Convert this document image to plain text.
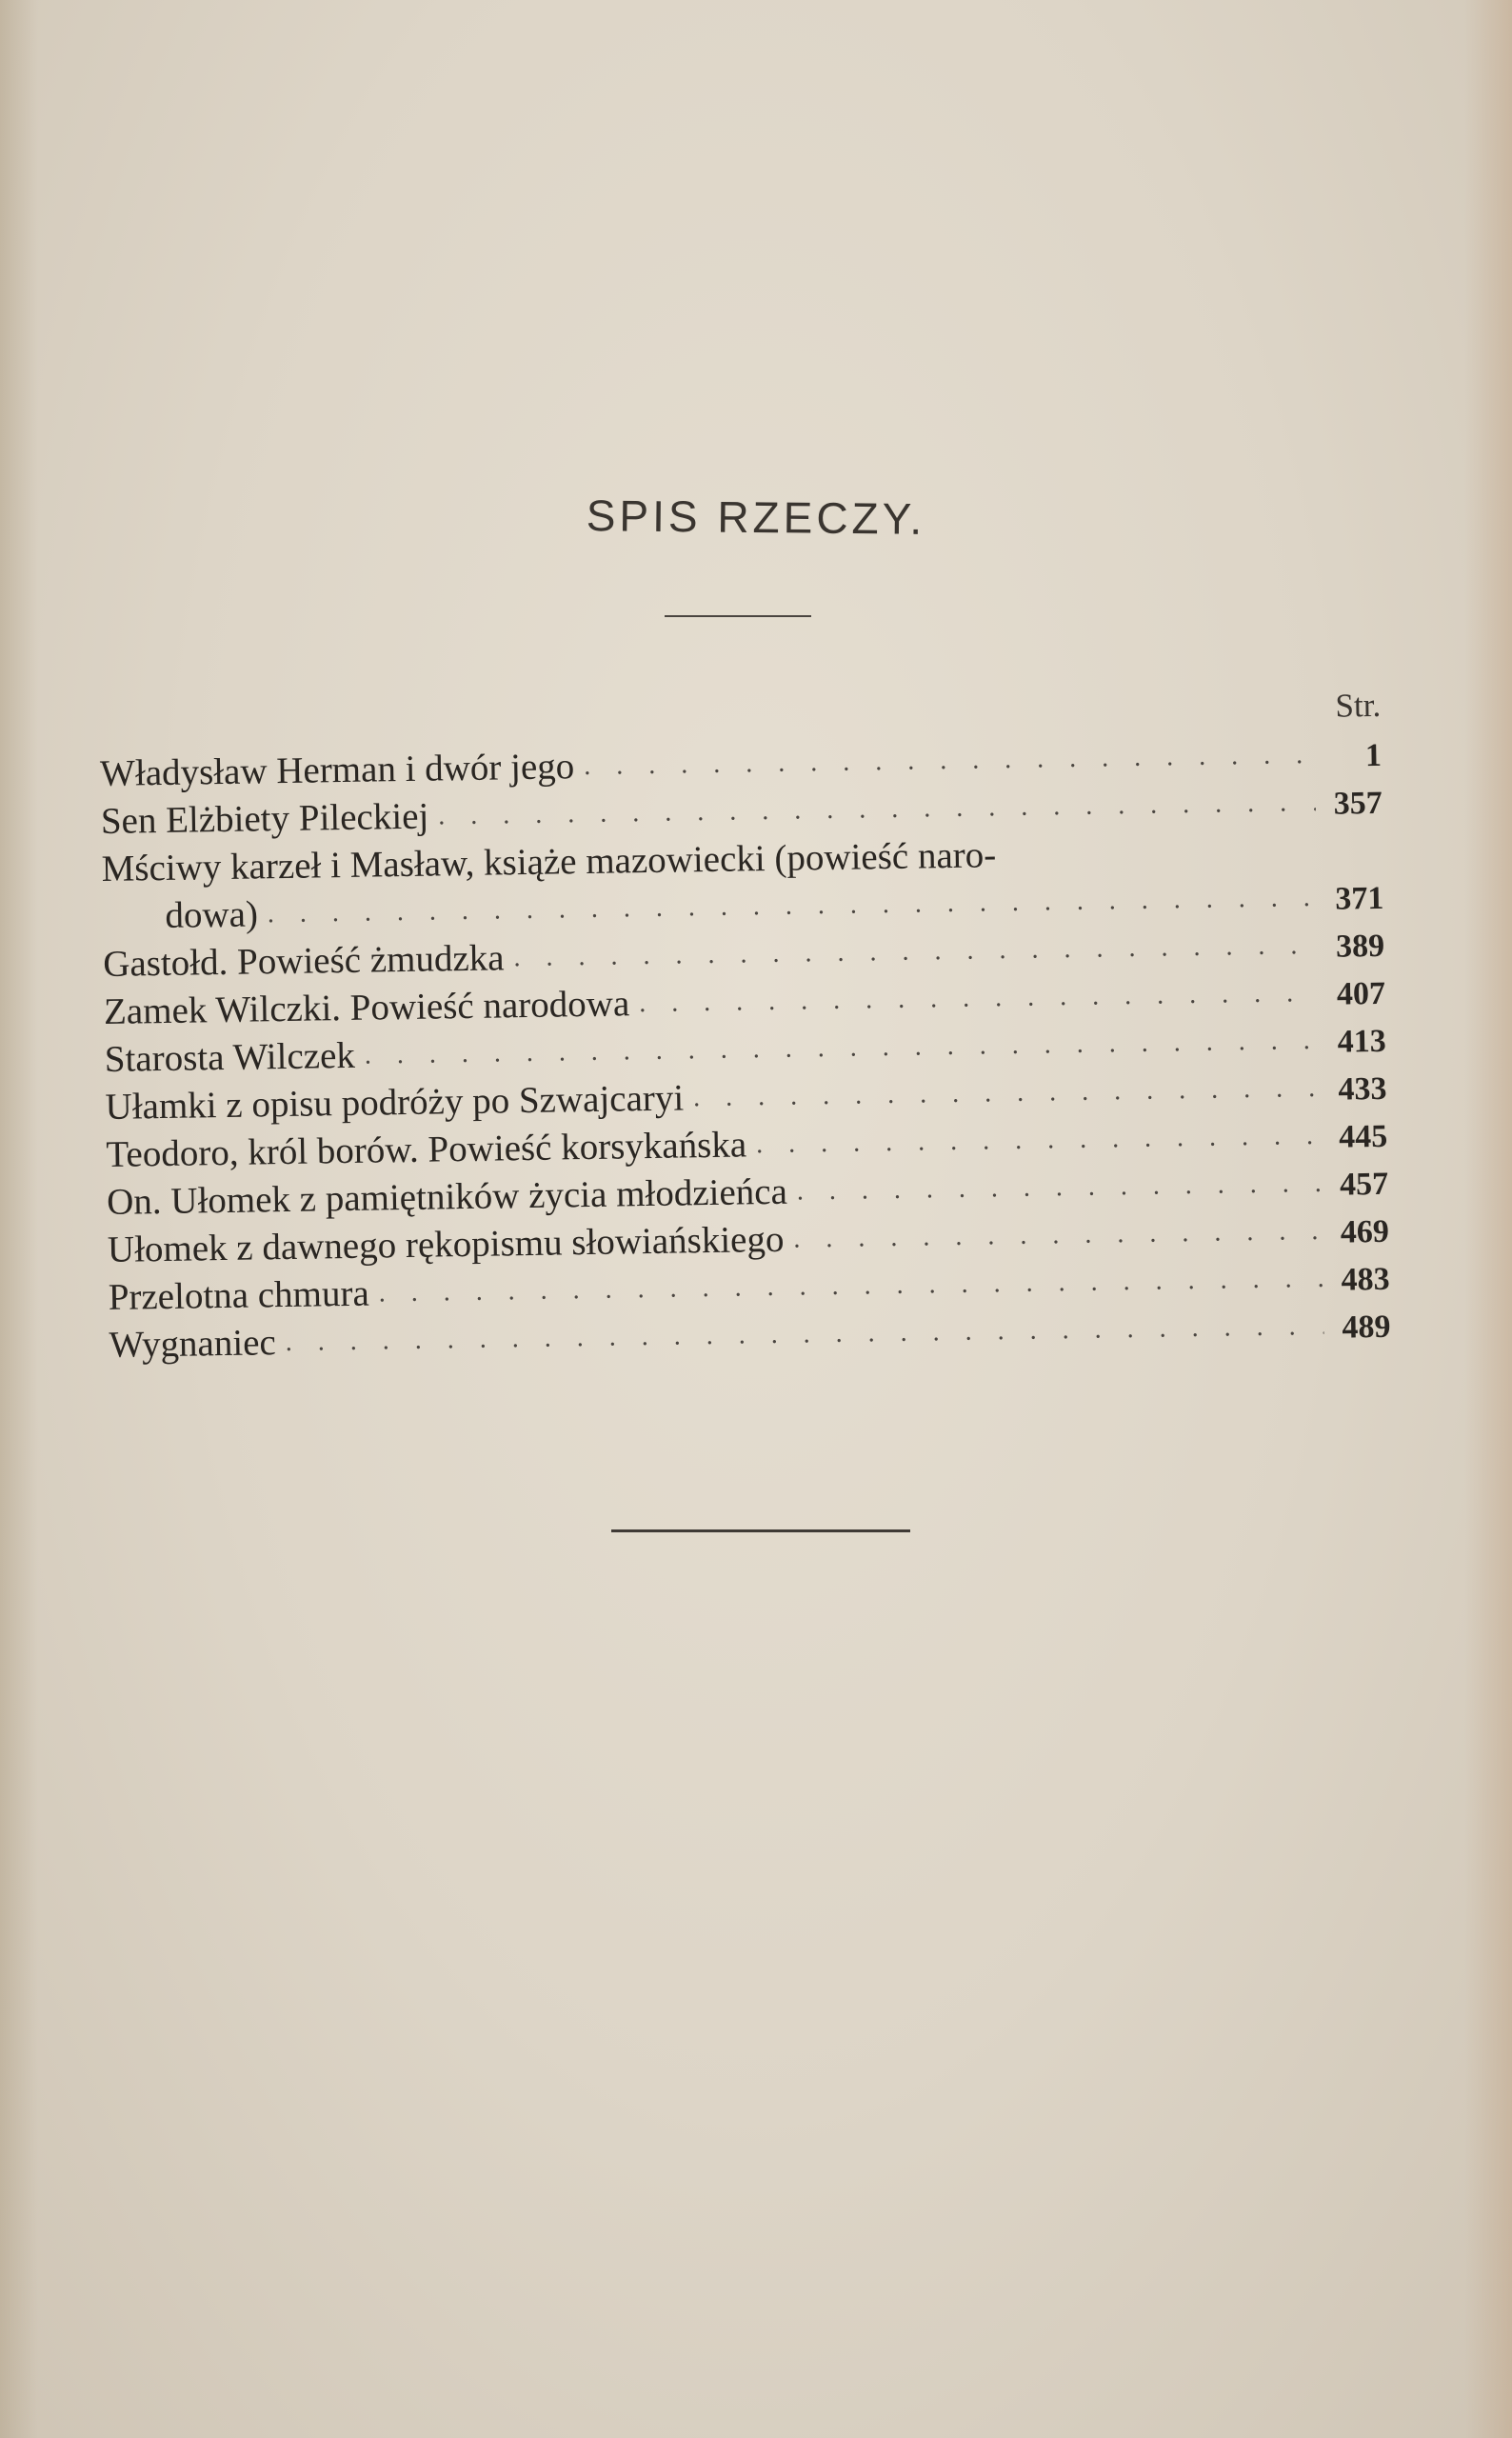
SPIS RZECZY.
Str.
Władysław Herman i dwór jego . . .	1
Sen Elżbiety Pileckiej . . .	357
Mściwy karzeł i Masław, książe mazowiecki (powieść naro-
dowa) . . .	371
Gastołd. Powieść żmudzka . . .	389
Zamek Wilczki. Powieść narodowa . . .	407
Starosta Wilczek . . .	413
Ułamki z opisu podróży po Szwajcaryi . . .	433
Teodoro, król borów. Powieść korsykańska . . .	445
On. Ułomek z pamiętników życia młodzieńca . . .	457
Ułomek z dawnego rękopismu słowiańskiego . . .	469
Przelotna chmura . . .	483
Wygnaniec . . .	489
